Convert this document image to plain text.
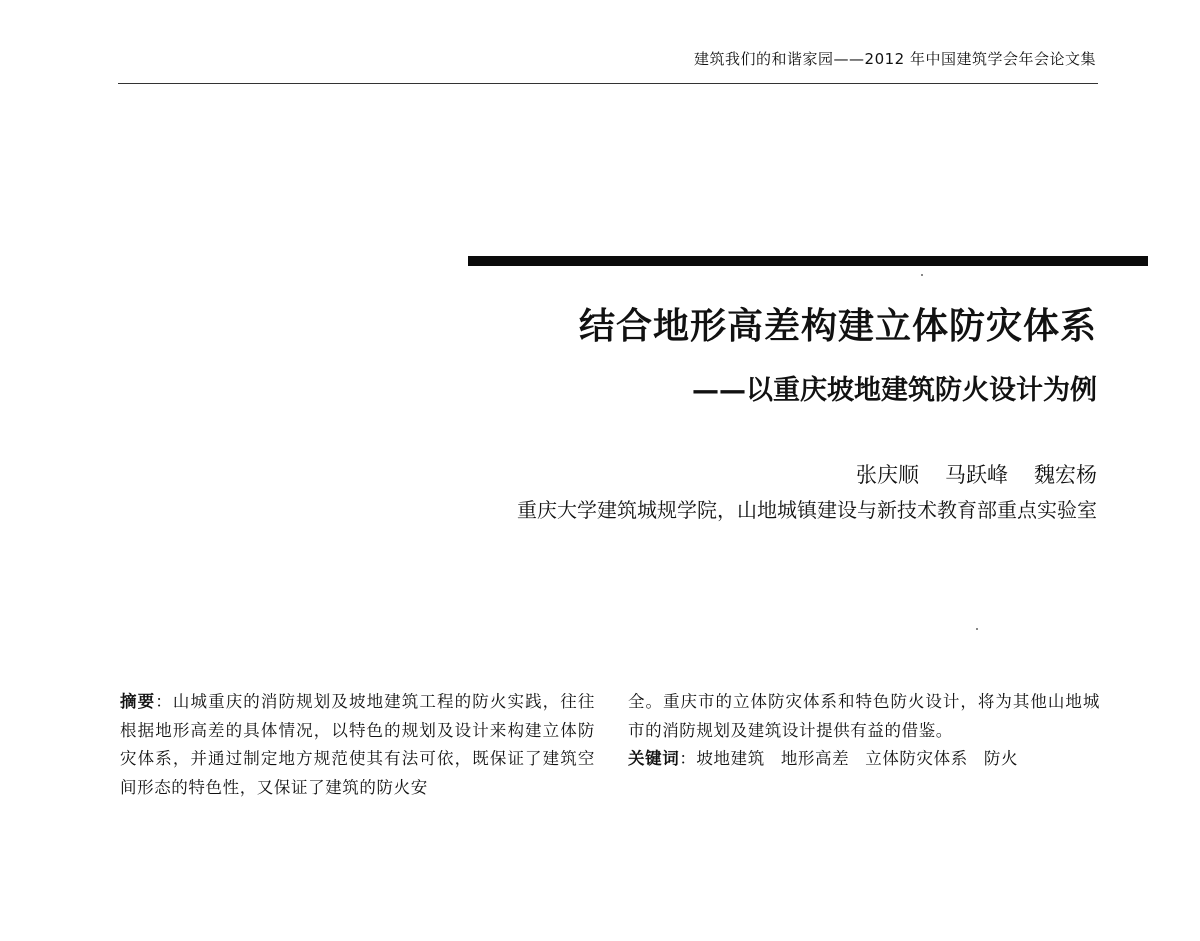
建筑我们的和谐家园——2012 年中国建筑学会年会论文集
结合地形高差构建立体防灾体系
——以重庆坡地建筑防火设计为例
张庆顺 马跃峰 魏宏杨
重庆大学建筑城规学院，山地城镇建设与新技术教育部重点实验室
摘要：山城重庆的消防规划及坡地建筑工程的防火实践，往往根据地形高差的具体情况，以特色的规划及设计来构建立体防灾体系，并通过制定地方规范使其有法可依，既保证了建筑空间形态的特色性，又保证了建筑的防火安
全。重庆市的立体防灾体系和特色防火设计，将为其他山地城市的消防规划及建筑设计提供有益的借鉴。
关键词：坡地建筑 地形高差 立体防灾体系 防火
